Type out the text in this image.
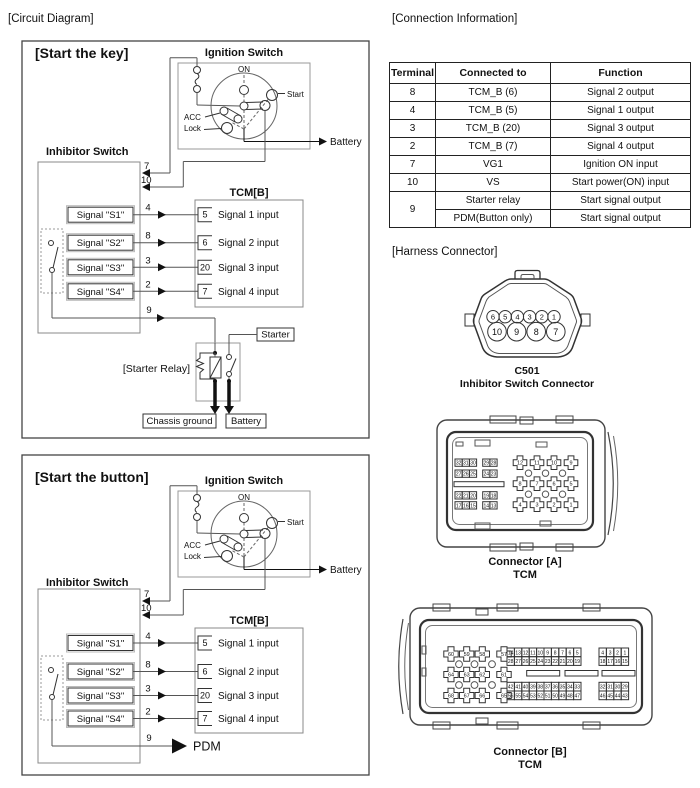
[Circuit Diagram]	[Connection Information]
[Harness Connector]
[Start the key]	Ignition Switch
ON
Start
ACC
Lock
Battery
7
10
Inhibitor Switch
TCM[B]
Signal "S1"
4
5 Signal 1 input
Signal "S2"
8
6 Signal 2 input
Signal "S3"
3
20 Signal 3 input
Signal "S4"
2
7 Signal 4 input
9
[Starter Relay]
Starter
Chassis ground Battery
[Start the button]	Ignition Switch
ON
Start
ACC
Lock
Battery
7
10
Inhibitor Switch
TCM[B]
Signal "S1"
4
5 Signal 1 input
Signal "S2"
8
6 Signal 2 input
Signal "S3"
3
20 Signal 3 input
Signal "S4"
2
7 Signal 4 input
9
PDM
Terminal	Connected to	Function
8	TCM_B (6)	Signal 2 output
4	TCM_B (5)	Signal 1 output
3	TCM_B (20)	Signal 3 output
2	TCM_B (7)	Signal 4 output
7	VG1	Ignition ON input
10	VS	Start power(ON) input
9	Starter relay	Start signal output
	PDM(Button only)	Start signal output
6 5 4 3 2 1
10 9 8 7
C501
Inhibitor Switch Connector
32 31 30 29 28
27 26 25 24 23
22 21 20 19 18
17 16 15 14 13
12 11 10 9
8	7	6	5
4	3	2	1
Connector [A]
TCM
60 59 58	57
64 63 62	61
68 67 66	65
14 13 12 11 10 9 8 7 6 5	4 3 2 1
28 27 26 25 24 23 22 21 20 19	18 17 16 15
42 41 40 39 38 37 36 35 34 33	32 31 30 29
56 55 54 53 52 51 50 49 48 47	46 45 44 43
Connector [B]
TCM
